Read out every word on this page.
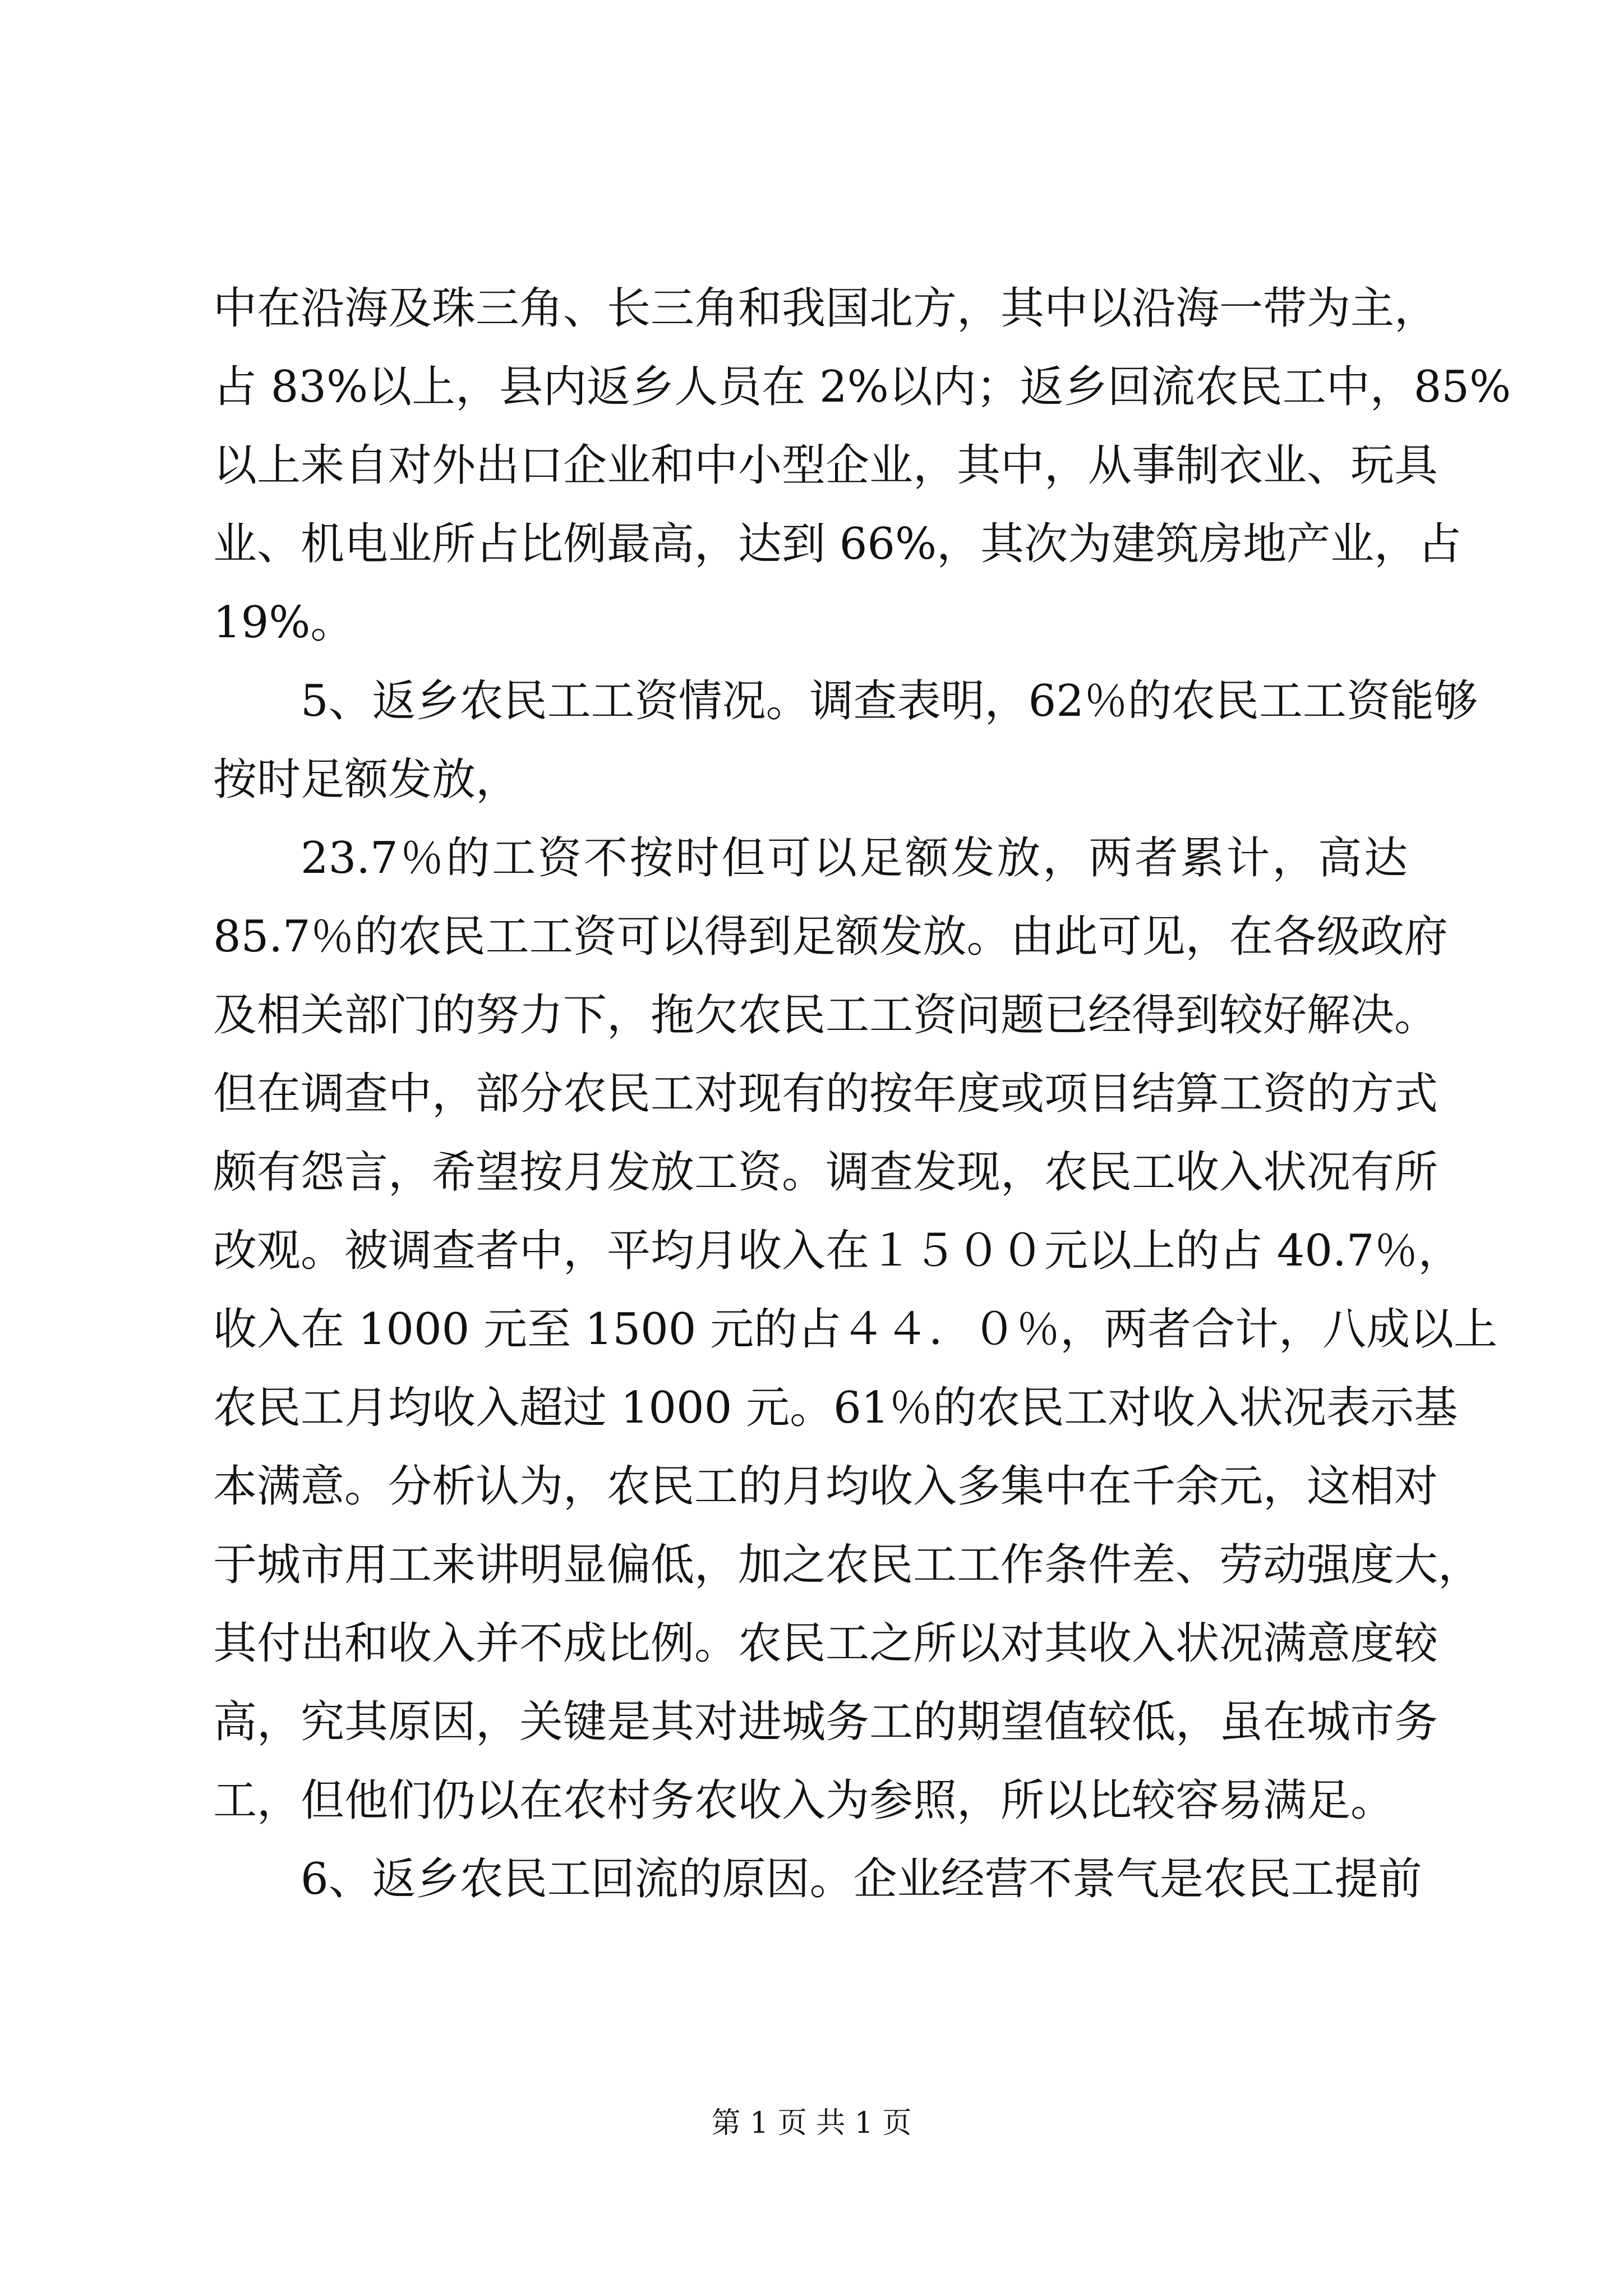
中在沿海及珠三角、长三角和我国北方，其中以沿海一带为主，
占 83%以上，县内返乡人员在 2%以内；返乡回流农民工中，85%
以上来自对外出口企业和中小型企业，其中，从事制衣业、玩具
业、机电业所占比例最高，达到 66%，其次为建筑房地产业，占
19%。
5、返乡农民工工资情况。调查表明，62％的农民工工资能够
按时足额发放，
23.7％的工资不按时但可以足额发放，两者累计，高达
85.7％的农民工工资可以得到足额发放。由此可见，在各级政府
及相关部门的努力下，拖欠农民工工资问题已经得到较好解决。
但在调查中，部分农民工对现有的按年度或项目结算工资的方式
颇有怨言，希望按月发放工资。调查发现，农民工收入状况有所
改观。被调查者中，平均月收入在１５００元以上的占 40.7％，
收入在 1000 元至 1500 元的占４４．０％，两者合计，八成以上
农民工月均收入超过 1000 元。61％的农民工对收入状况表示基
本满意。分析认为，农民工的月均收入多集中在千余元，这相对
于城市用工来讲明显偏低，加之农民工工作条件差、劳动强度大，
其付出和收入并不成比例。农民工之所以对其收入状况满意度较
高，究其原因，关键是其对进城务工的期望值较低，虽在城市务
工，但他们仍以在农村务农收入为参照，所以比较容易满足。
6、返乡农民工回流的原因。企业经营不景气是农民工提前
第 1 页 共 1 页
